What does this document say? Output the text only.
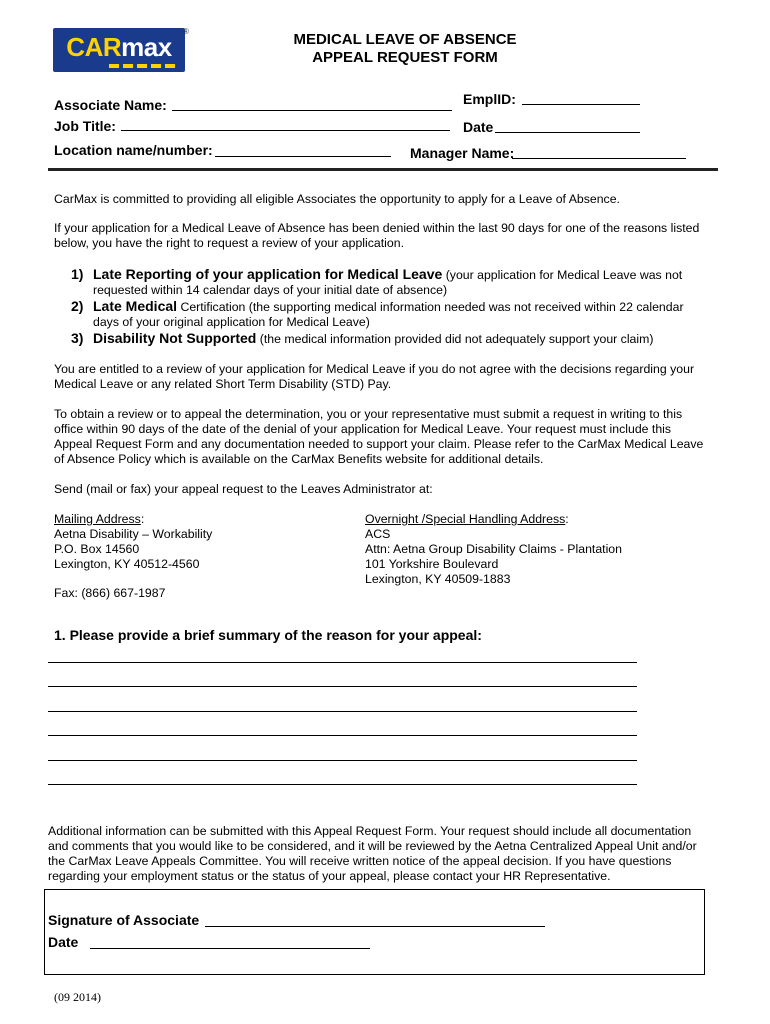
CARmax
®	MEDICAL LEAVE OF ABSENCE
APPEAL REQUEST FORM
Associate Name:
Job Title:
Location name/number:
EmplID:
Date
Manager Name:
CarMax is committed to providing all eligible Associates the opportunity to apply for a Leave of Absence.
If your application for a Medical Leave of Absence has been denied within the last 90 days for one of the reasons listed below, you have the right to request a review of your application.
1) Late Reporting of your application for Medical Leave (your application for Medical Leave was not requested within 14 calendar days of your initial date of absence)
2) Late Medical Certification (the supporting medical information needed was not received within 22 calendar days of your original application for Medical Leave)
3) Disability Not Supported (the medical information provided did not adequately support your claim)
You are entitled to a review of your application for Medical Leave if you do not agree with the decisions regarding your Medical Leave or any related Short Term Disability (STD) Pay.
To obtain a review or to appeal the determination, you or your representative must submit a request in writing to this office within 90 days of the date of the denial of your application for Medical Leave. Your request must include this Appeal Request Form and any documentation needed to support your claim. Please refer to the CarMax Medical Leave of Absence Policy which is available on the CarMax Benefits website for additional details.
Send (mail or fax) your appeal request to the Leaves Administrator at:
Mailing Address:
Aetna Disability – Workability
P.O. Box 14560
Lexington, KY 40512-4560
Overnight /Special Handling Address:
ACS
Attn: Aetna Group Disability Claims - Plantation
101 Yorkshire Boulevard
Lexington, KY 40509-1883
Fax: (866) 667-1987
1. Please provide a brief summary of the reason for your appeal:
Additional information can be submitted with this Appeal Request Form. Your request should include all documentation and comments that you would like to be considered, and it will be reviewed by the Aetna Centralized Appeal Unit and/or the CarMax Leave Appeals Committee. You will receive written notice of the appeal decision. If you have questions regarding your employment status or the status of your appeal, please contact your HR Representative.
Signature of Associate
Date
(09 2014)
